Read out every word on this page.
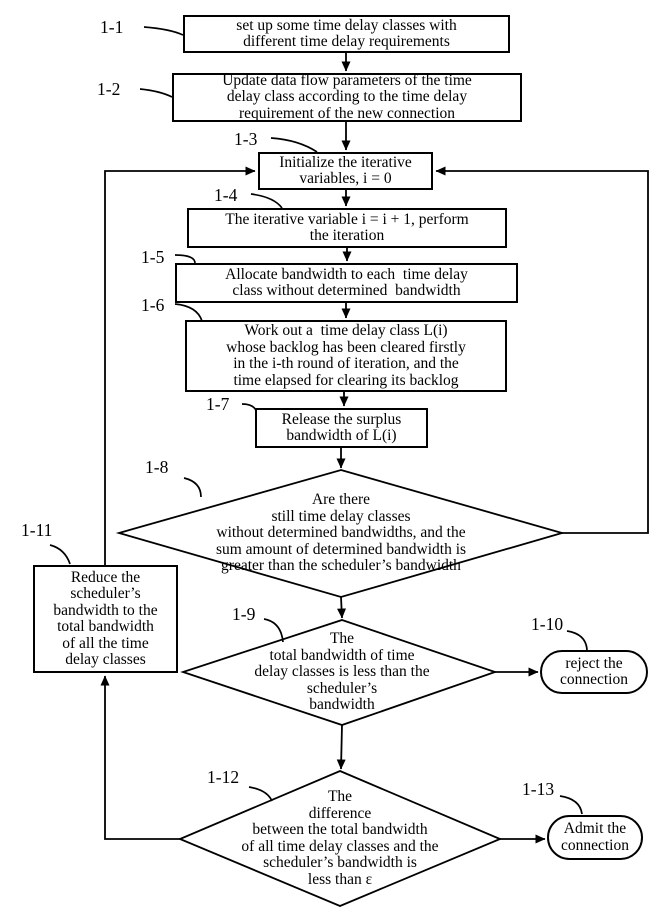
set up some time delay classes with
different time delay requirements
Update data flow parameters of the time
delay class according to the time delay
requirement of the new connection
Initialize the iterative
variables, i = 0
The iterative variable i = i + 1, perform
the iteration
Allocate bandwidth to each  time delay
class without determined  bandwidth
Work out a  time delay class L(i)
whose backlog has been cleared firstly
in the i-th round of iteration, and the
time elapsed for clearing its backlog
Release the surplus
bandwidth of L(i)
Reduce the
scheduler’s
bandwidth to the
total bandwidth
of all the time
delay classes	reject the
connection
Admit the
connection
Are there
still time delay classes
without determined bandwidths, and the
sum amount of determined bandwidth is
greater than the scheduler’s bandwidth
The
total bandwidth of time
delay classes is less than the
scheduler’s
bandwidth
The
difference
between the total bandwidth
of all time delay classes and the
scheduler’s bandwidth is
less than ε
1-1
1-2
1-3
1-4
1-5
1-6
1-7
1-8
1-9	1-10
1-11
1-12
1-13
